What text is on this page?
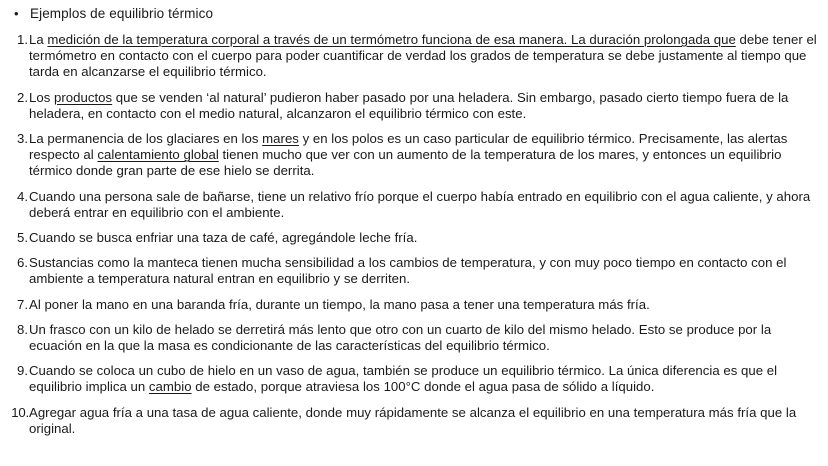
• Ejemplos de equilibrio térmico
1. La medición de la temperatura corporal a través de un termómetro funciona de esa manera. La duración prolongada que debe tener el termómetro en contacto con el cuerpo para poder cuantificar de verdad los grados de temperatura se debe justamente al tiempo que tarda en alcanzarse el equilibrio térmico.
2. Los productos que se venden ‘al natural’ pudieron haber pasado por una heladera. Sin embargo, pasado cierto tiempo fuera de la heladera, en contacto con el medio natural, alcanzaron el equilibrio térmico con este.
3. La permanencia de los glaciares en los mares y en los polos es un caso particular de equilibrio térmico. Precisamente, las alertas respecto al calentamiento global tienen mucho que ver con un aumento de la temperatura de los mares, y entonces un equilibrio térmico donde gran parte de ese hielo se derrita.
4. Cuando una persona sale de bañarse, tiene un relativo frío porque el cuerpo había entrado en equilibrio con el agua caliente, y ahora deberá entrar en equilibrio con el ambiente.
5. Cuando se busca enfriar una taza de café, agregándole leche fría.
6. Sustancias como la manteca tienen mucha sensibilidad a los cambios de temperatura, y con muy poco tiempo en contacto con el ambiente a temperatura natural entran en equilibrio y se derriten.
7. Al poner la mano en una baranda fría, durante un tiempo, la mano pasa a tener una temperatura más fría.
8. Un frasco con un kilo de helado se derretirá más lento que otro con un cuarto de kilo del mismo helado. Esto se produce por la ecuación en la que la masa es condicionante de las características del equilibrio térmico.
9. Cuando se coloca un cubo de hielo en un vaso de agua, también se produce un equilibrio térmico. La única diferencia es que el equilibrio implica un cambio de estado, porque atraviesa los 100°C donde el agua pasa de sólido a líquido.
10. Agregar agua fría a una tasa de agua caliente, donde muy rápidamente se alcanza el equilibrio en una temperatura más fría que la original.
